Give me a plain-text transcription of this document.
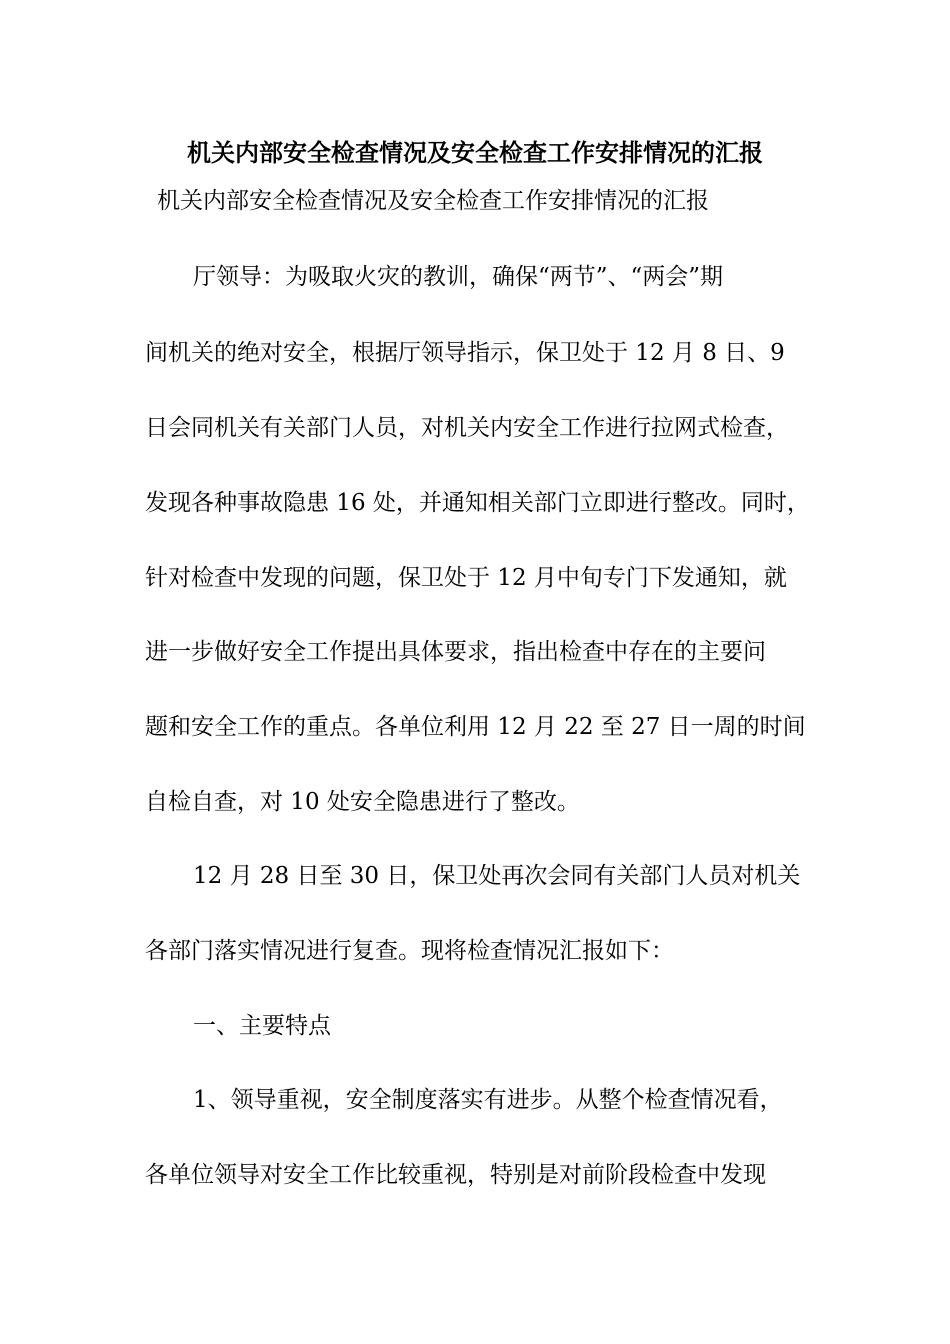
机关内部安全检查情况及安全检查工作安排情况的汇报
机关内部安全检查情况及安全检查工作安排情况的汇报
厅领导：为吸取火灾的教训，确保“两节”、“两会”期
间机关的绝对安全，根据厅领导指示，保卫处于 12 月 8 日、9
日会同机关有关部门人员，对机关内安全工作进行拉网式检查，
发现各种事故隐患 16 处，并通知相关部门立即进行整改。同时，
针对检查中发现的问题，保卫处于 12 月中旬专门下发通知，就
进一步做好安全工作提出具体要求，指出检查中存在的主要问
题和安全工作的重点。各单位利用 12 月 22 至 27 日一周的时间
自检自查，对 10 处安全隐患进行了整改。
12 月 28 日至 30 日，保卫处再次会同有关部门人员对机关
各部门落实情况进行复查。现将检查情况汇报如下：
一、主要特点
1、领导重视，安全制度落实有进步。从整个检查情况看，
各单位领导对安全工作比较重视，特别是对前阶段检查中发现
